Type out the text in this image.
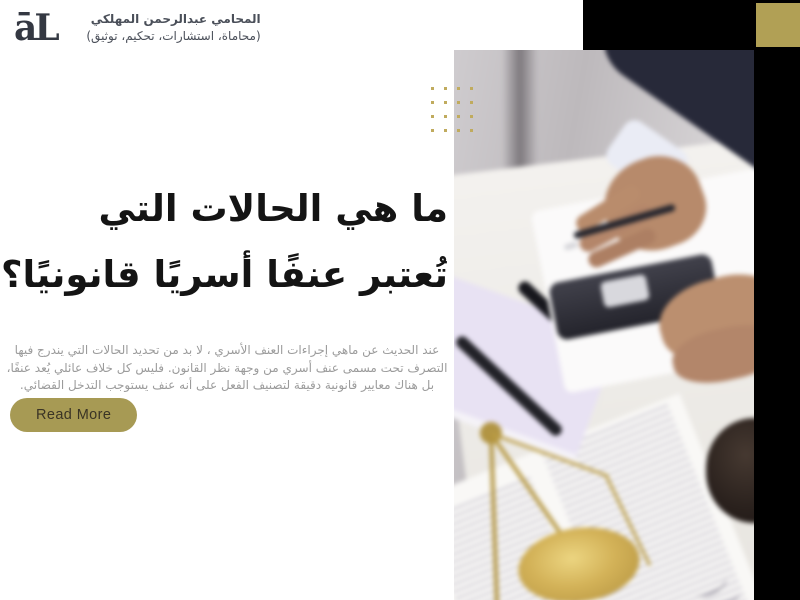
āL	المحامي عبدالرحمن المهلكي
(محاماة، استشارات، تحكيم، توثيق)
ما هي الحالات التي
تُعتبر عنفًا أسريًا قانونيًا؟
عند الحديث عن ماهي إجراءات العنف الأسري ، لا بد من تحديد الحالات التي يندرج فيها التصرف تحت مسمى عنف أسري من وجهة نظر القانون. فليس كل خلاف عائلي يُعد عنفًا، بل هناك معايير قانونية دقيقة لتصنيف الفعل على أنه عنف يستوجب التدخل القضائي.
Read More
